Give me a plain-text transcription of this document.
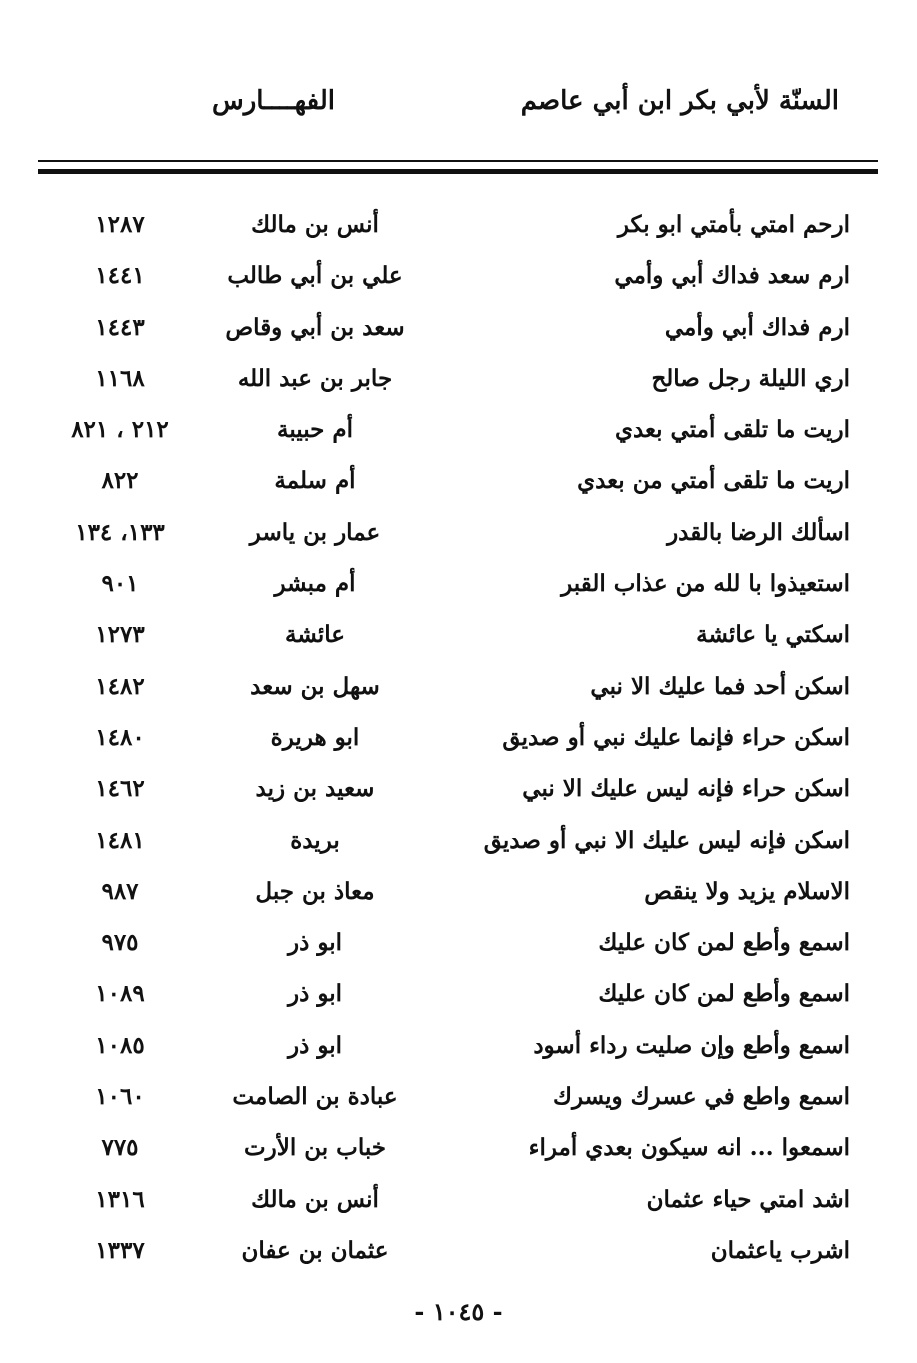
السنّة لأبي بكر ابن أبي عاصم
الفهــــارس
ارحم امتي بأمتي ابو بكر
أنس بن مالك
١٢٨٧
ارم سعد فداك أبي وأمي
علي بن أبي طالب
١٤٤١
ارم فداك أبي وأمي
سعد بن أبي وقاص
١٤٤٣
اري الليلة رجل صالح
جابر بن عبد الله
١١٦٨
اريت ما تلقى أمتي بعدي
أم حبيبة
٢١٢ ، ٨٢١
اريت ما تلقى أمتي من بعدي
أم سلمة
٨٢٢
اسألك الرضا بالقدر
عمار بن ياسر
١٣٣، ١٣٤
استعيذوا با لله من عذاب القبر
أم مبشر
٩٠١
اسكتي يا عائشة
عائشة
١٢٧٣
اسكن أحد فما عليك الا نبي
سهل بن سعد
١٤٨٢
اسكن حراء فإنما عليك نبي أو صديق
ابو هريرة
١٤٨٠
اسكن حراء فإنه ليس عليك الا نبي
سعيد بن زيد
١٤٦٢
اسكن فإنه ليس عليك الا نبي أو صديق
بريدة
١٤٨١
الاسلام يزيد ولا ينقص
معاذ بن جبل
٩٨٧
اسمع وأطع لمن كان عليك
ابو ذر
٩٧٥
اسمع وأطع لمن كان عليك
ابو ذر
١٠٨٩
اسمع وأطع وإن صليت رداء أسود
ابو ذر
١٠٨٥
اسمع واطع في عسرك ويسرك
عبادة بن الصامت
١٠٦٠
اسمعوا ... انه سيكون بعدي أمراء
خباب بن الأرت
٧٧٥
اشد امتي حياء عثمان
أنس بن مالك
١٣١٦
اشرب ياعثمان
عثمان بن عفان
١٣٣٧
- ١٠٤٥ -
